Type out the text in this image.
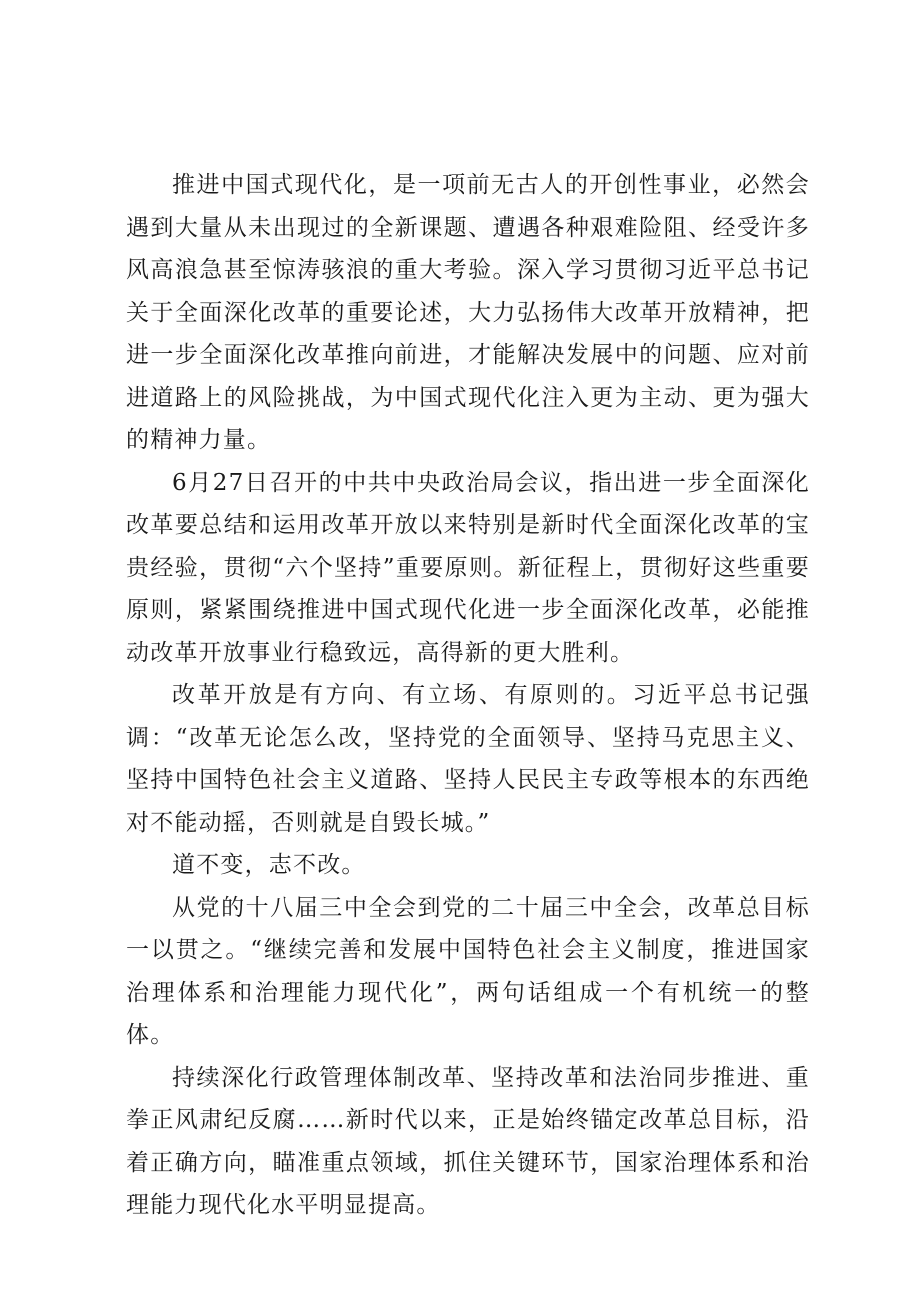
推进中国式现代化，是一项前无古人的开创性事业，必然会遇到大量从未出现过的全新课题、遭遇各种艰难险阻、经受许多风高浪急甚至惊涛骇浪的重大考验。深入学习贯彻习近平总书记关于全面深化改革的重要论述，大力弘扬伟大改革开放精神，把进一步全面深化改革推向前进，才能解决发展中的问题、应对前进道路上的风险挑战，为中国式现代化注入更为主动、更为强大的精神力量。

6月27日召开的中共中央政治局会议，指出进一步全面深化改革要总结和运用改革开放以来特别是新时代全面深化改革的宝贵经验，贯彻“六个坚持”重要原则。新征程上，贯彻好这些重要原则，紧紧围绕推进中国式现代化进一步全面深化改革，必能推动改革开放事业行稳致远，高得新的更大胜利。

改革开放是有方向、有立场、有原则的。习近平总书记强调：“改革无论怎么改，坚持党的全面领导、坚持马克思主义、坚持中国特色社会主义道路、坚持人民民主专政等根本的东西绝对不能动摇，否则就是自毁长城。”

道不变，志不改。

从党的十八届三中全会到党的二十届三中全会，改革总目标一以贯之。“继续完善和发展中国特色社会主义制度，推进国家治理体系和治理能力现代化”，两句话组成一个有机统一的整体。

持续深化行政管理体制改革、坚持改革和法治同步推进、重拳正风肃纪反腐……新时代以来，正是始终锚定改革总目标，沿着正确方向，瞄准重点领域，抓住关键环节，国家治理体系和治理能力现代化水平明显提高。
